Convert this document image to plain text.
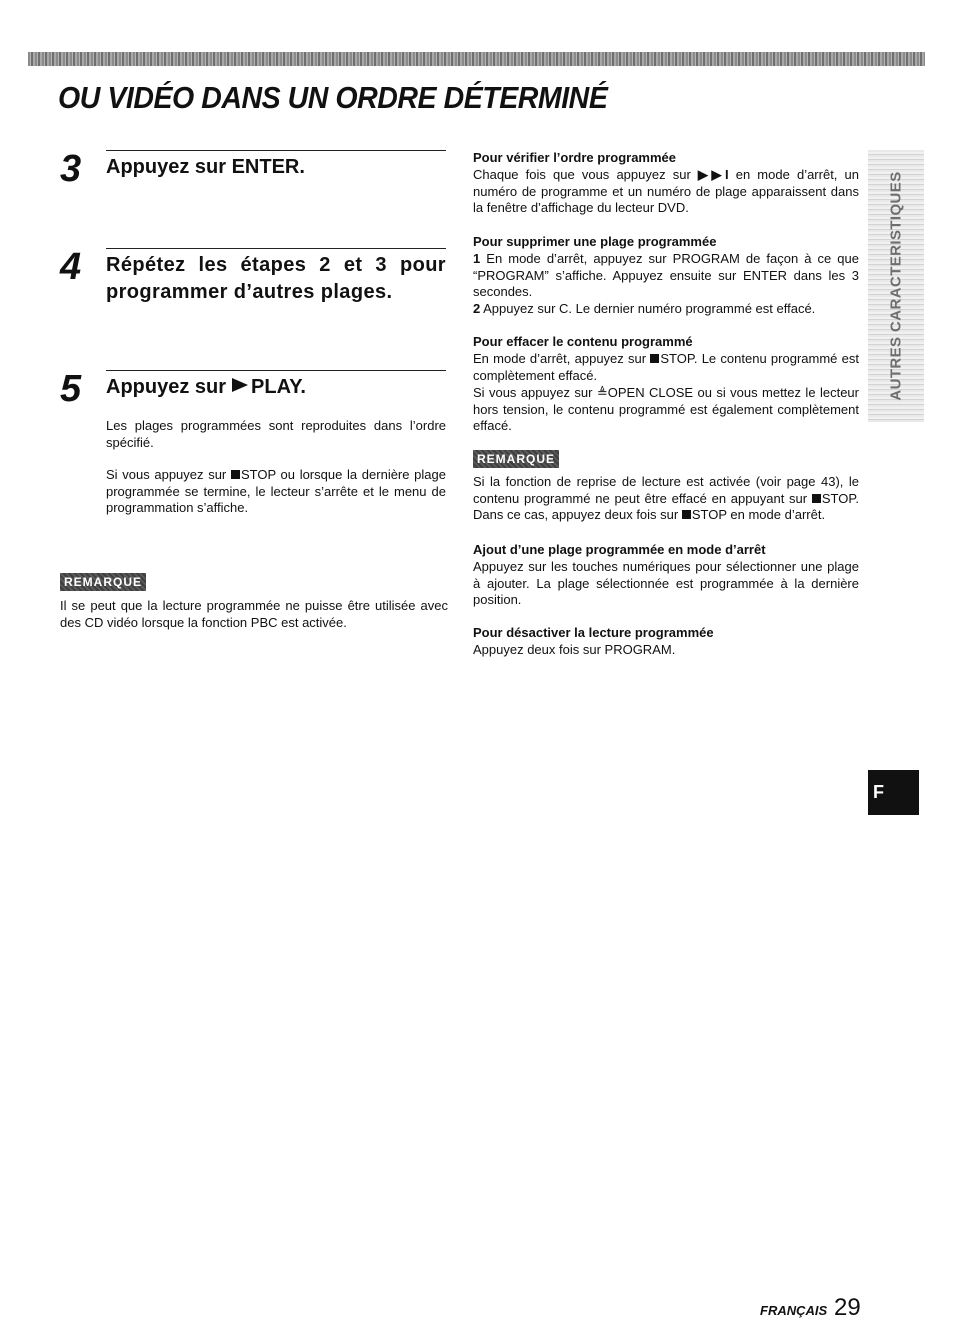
OU VIDÉO DANS UN ORDRE DÉTERMINÉ
3 Appuyez sur ENTER.
4 Répétez les étapes 2 et 3 pour programmer d’autres plages.
5 Appuyez sur PLAY.

Les plages programmées sont reproduites dans l’ordre spécifié.

Si vous appuyez sur STOP ou lorsque la dernière plage programmée se termine, le lecteur s’arrête et le menu de programmation s’affiche.

REMARQUE

Il se peut que la lecture programmée ne puisse être utilisée avec des CD vidéo lorsque la fonction PBC est activée.

Pour vérifier l’ordre programmée

Chaque fois que vous appuyez sur ▶▶I en mode d’arrêt, un numéro de programme et un numéro de plage apparaissent dans la fenêtre d’affichage du lecteur DVD.

Pour supprimer une plage programmée

1 En mode d’arrêt, appuyez sur PROGRAM de façon à ce que “PROGRAM” s’affiche. Appuyez ensuite sur ENTER dans les 3 secondes.

2 Appuyez sur C. Le dernier numéro programmé est effacé.

Pour effacer le contenu programmé

En mode d’arrêt, appuyez sur STOP. Le contenu programmé est complètement effacé.

Si vous appuyez sur ≜OPEN CLOSE ou si vous mettez le lecteur hors tension, le contenu programmé est également complètement effacé.

REMARQUE

Si la fonction de reprise de lecture est activée (voir page 43), le contenu programmé ne peut être effacé en appuyant sur STOP. Dans ce cas, appuyez deux fois sur STOP en mode d’arrêt.

Ajout d’une plage programmée en mode d’arrêt

Appuyez sur les touches numériques pour sélectionner une plage à ajouter. La plage sélectionnée est programmée à la dernière position.

Pour désactiver la lecture programmée

Appuyez deux fois sur PROGRAM.

AUTRES CARACTERISTIQUES
F
FRANÇAIS 29
